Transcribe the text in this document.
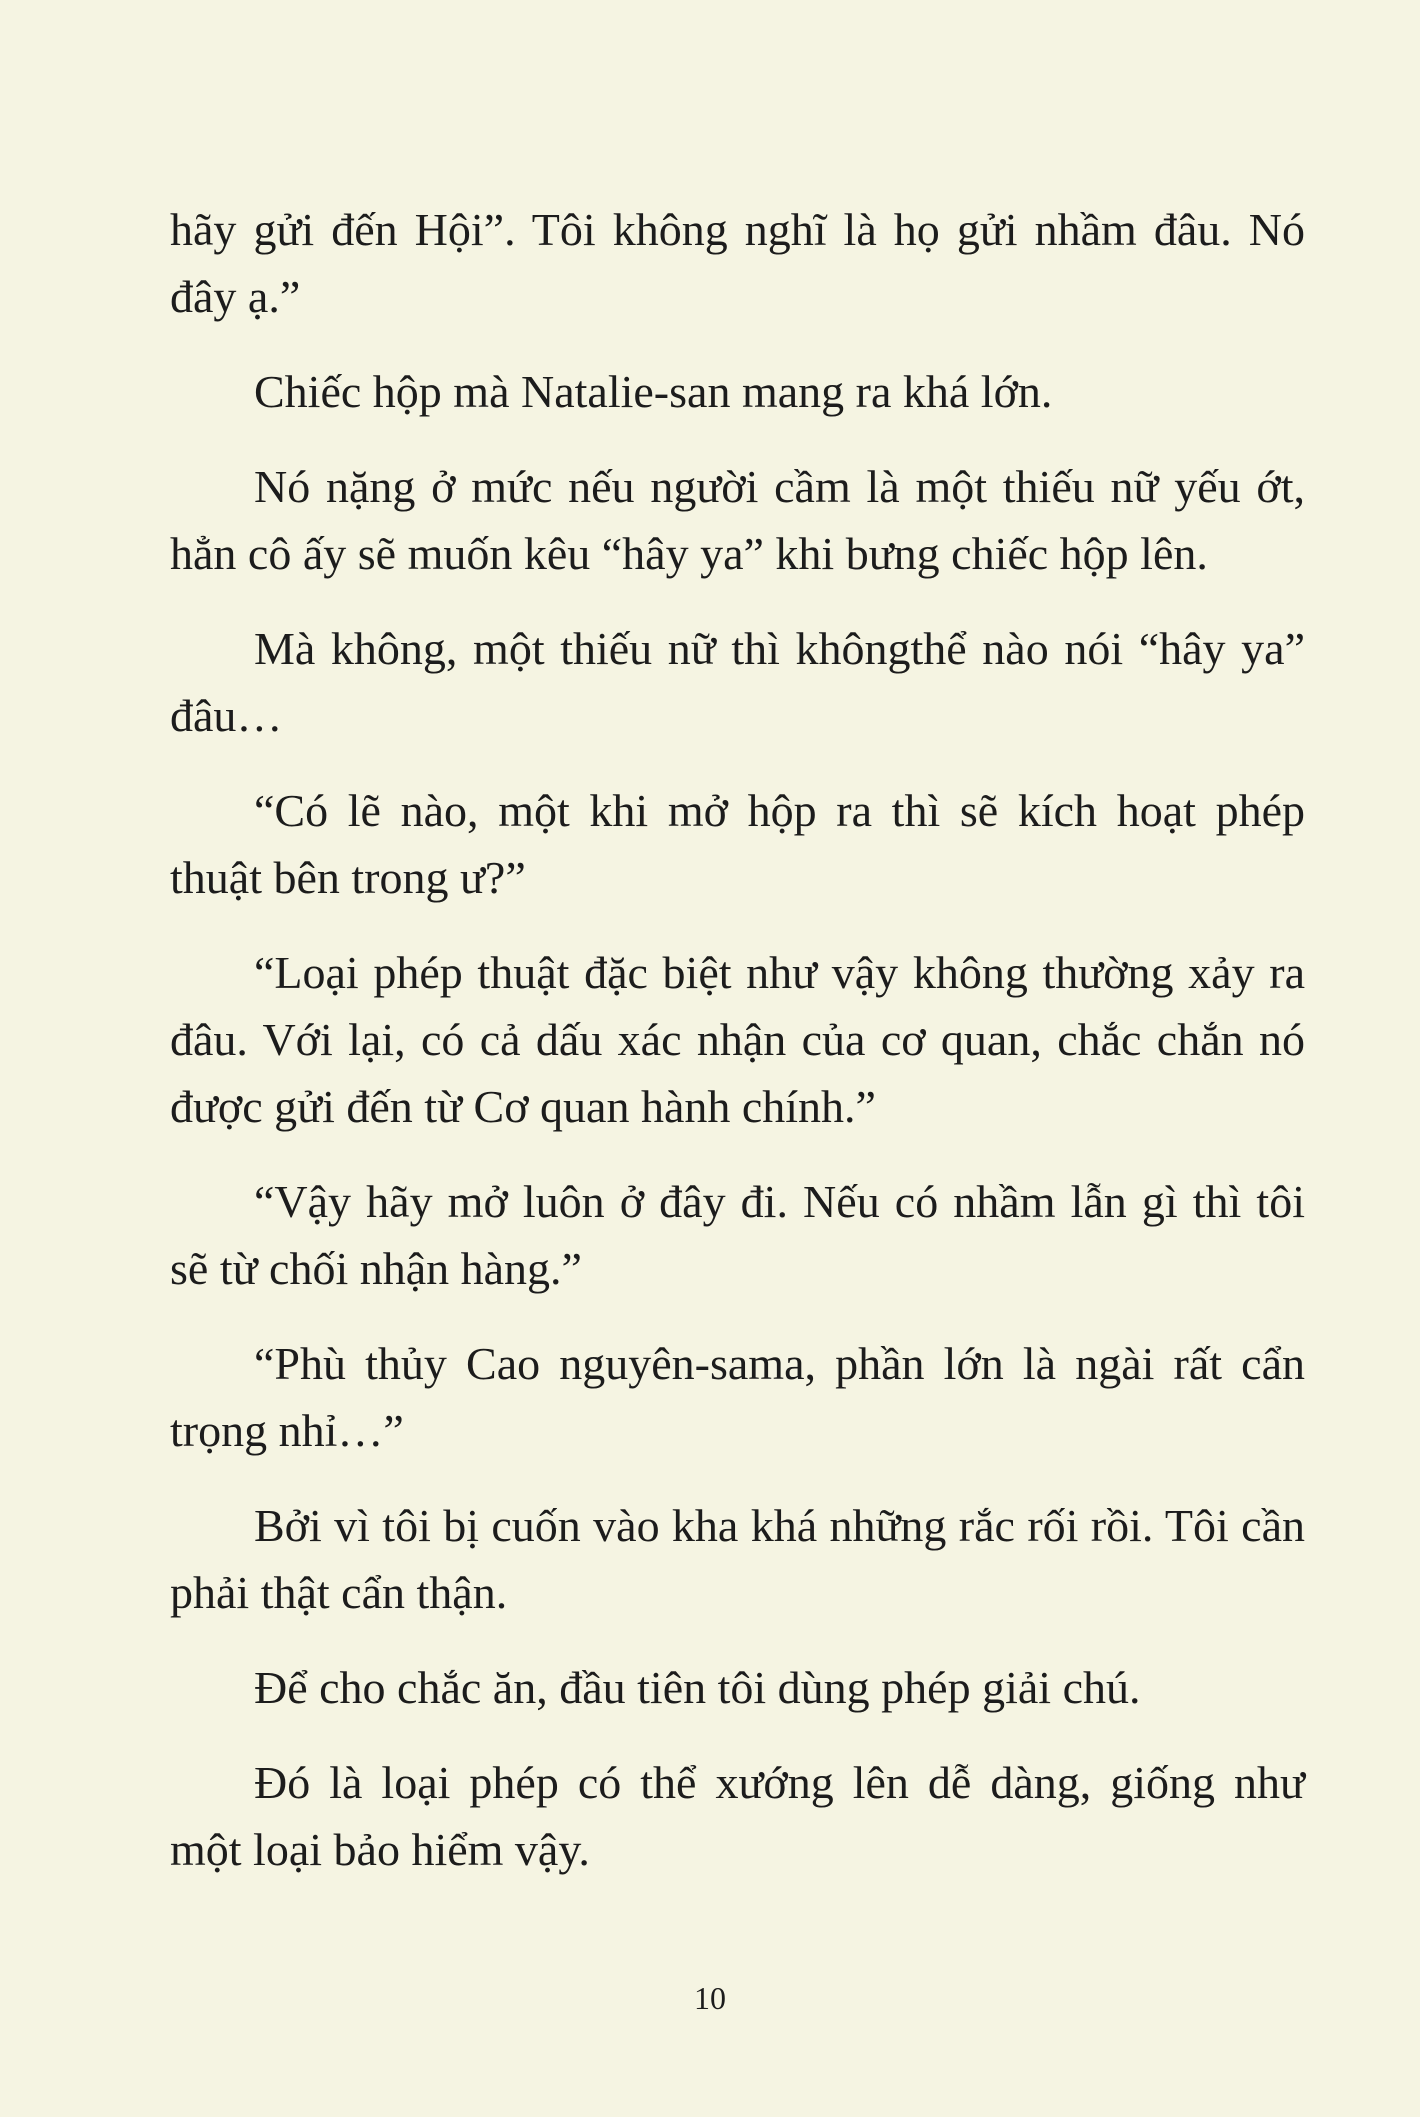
hãy gửi đến Hội”. Tôi không nghĩ là họ gửi nhầm đâu. Nó đây ạ.”

Chiếc hộp mà Natalie-san mang ra khá lớn.

Nó nặng ở mức nếu người cầm là một thiếu nữ yếu ớt, hẳn cô ấy sẽ muốn kêu “hây ya” khi bưng chiếc hộp lên.

Mà không, một thiếu nữ thì khôngthể nào nói “hây ya” đâu…

“Có lẽ nào, một khi mở hộp ra thì sẽ kích hoạt phép thuật bên trong ư?”

“Loại phép thuật đặc biệt như vậy không thường xảy ra đâu. Với lại, có cả dấu xác nhận của cơ quan, chắc chắn nó được gửi đến từ Cơ quan hành chính.”

“Vậy hãy mở luôn ở đây đi. Nếu có nhầm lẫn gì thì tôi sẽ từ chối nhận hàng.”

“Phù thủy Cao nguyên-sama, phần lớn là ngài rất cẩn trọng nhỉ…”

Bởi vì tôi bị cuốn vào kha khá những rắc rối rồi. Tôi cần phải thật cẩn thận.

Để cho chắc ăn, đầu tiên tôi dùng phép giải chú.

Đó là loại phép có thể xướng lên dễ dàng, giống như một loại bảo hiểm vậy.

10
